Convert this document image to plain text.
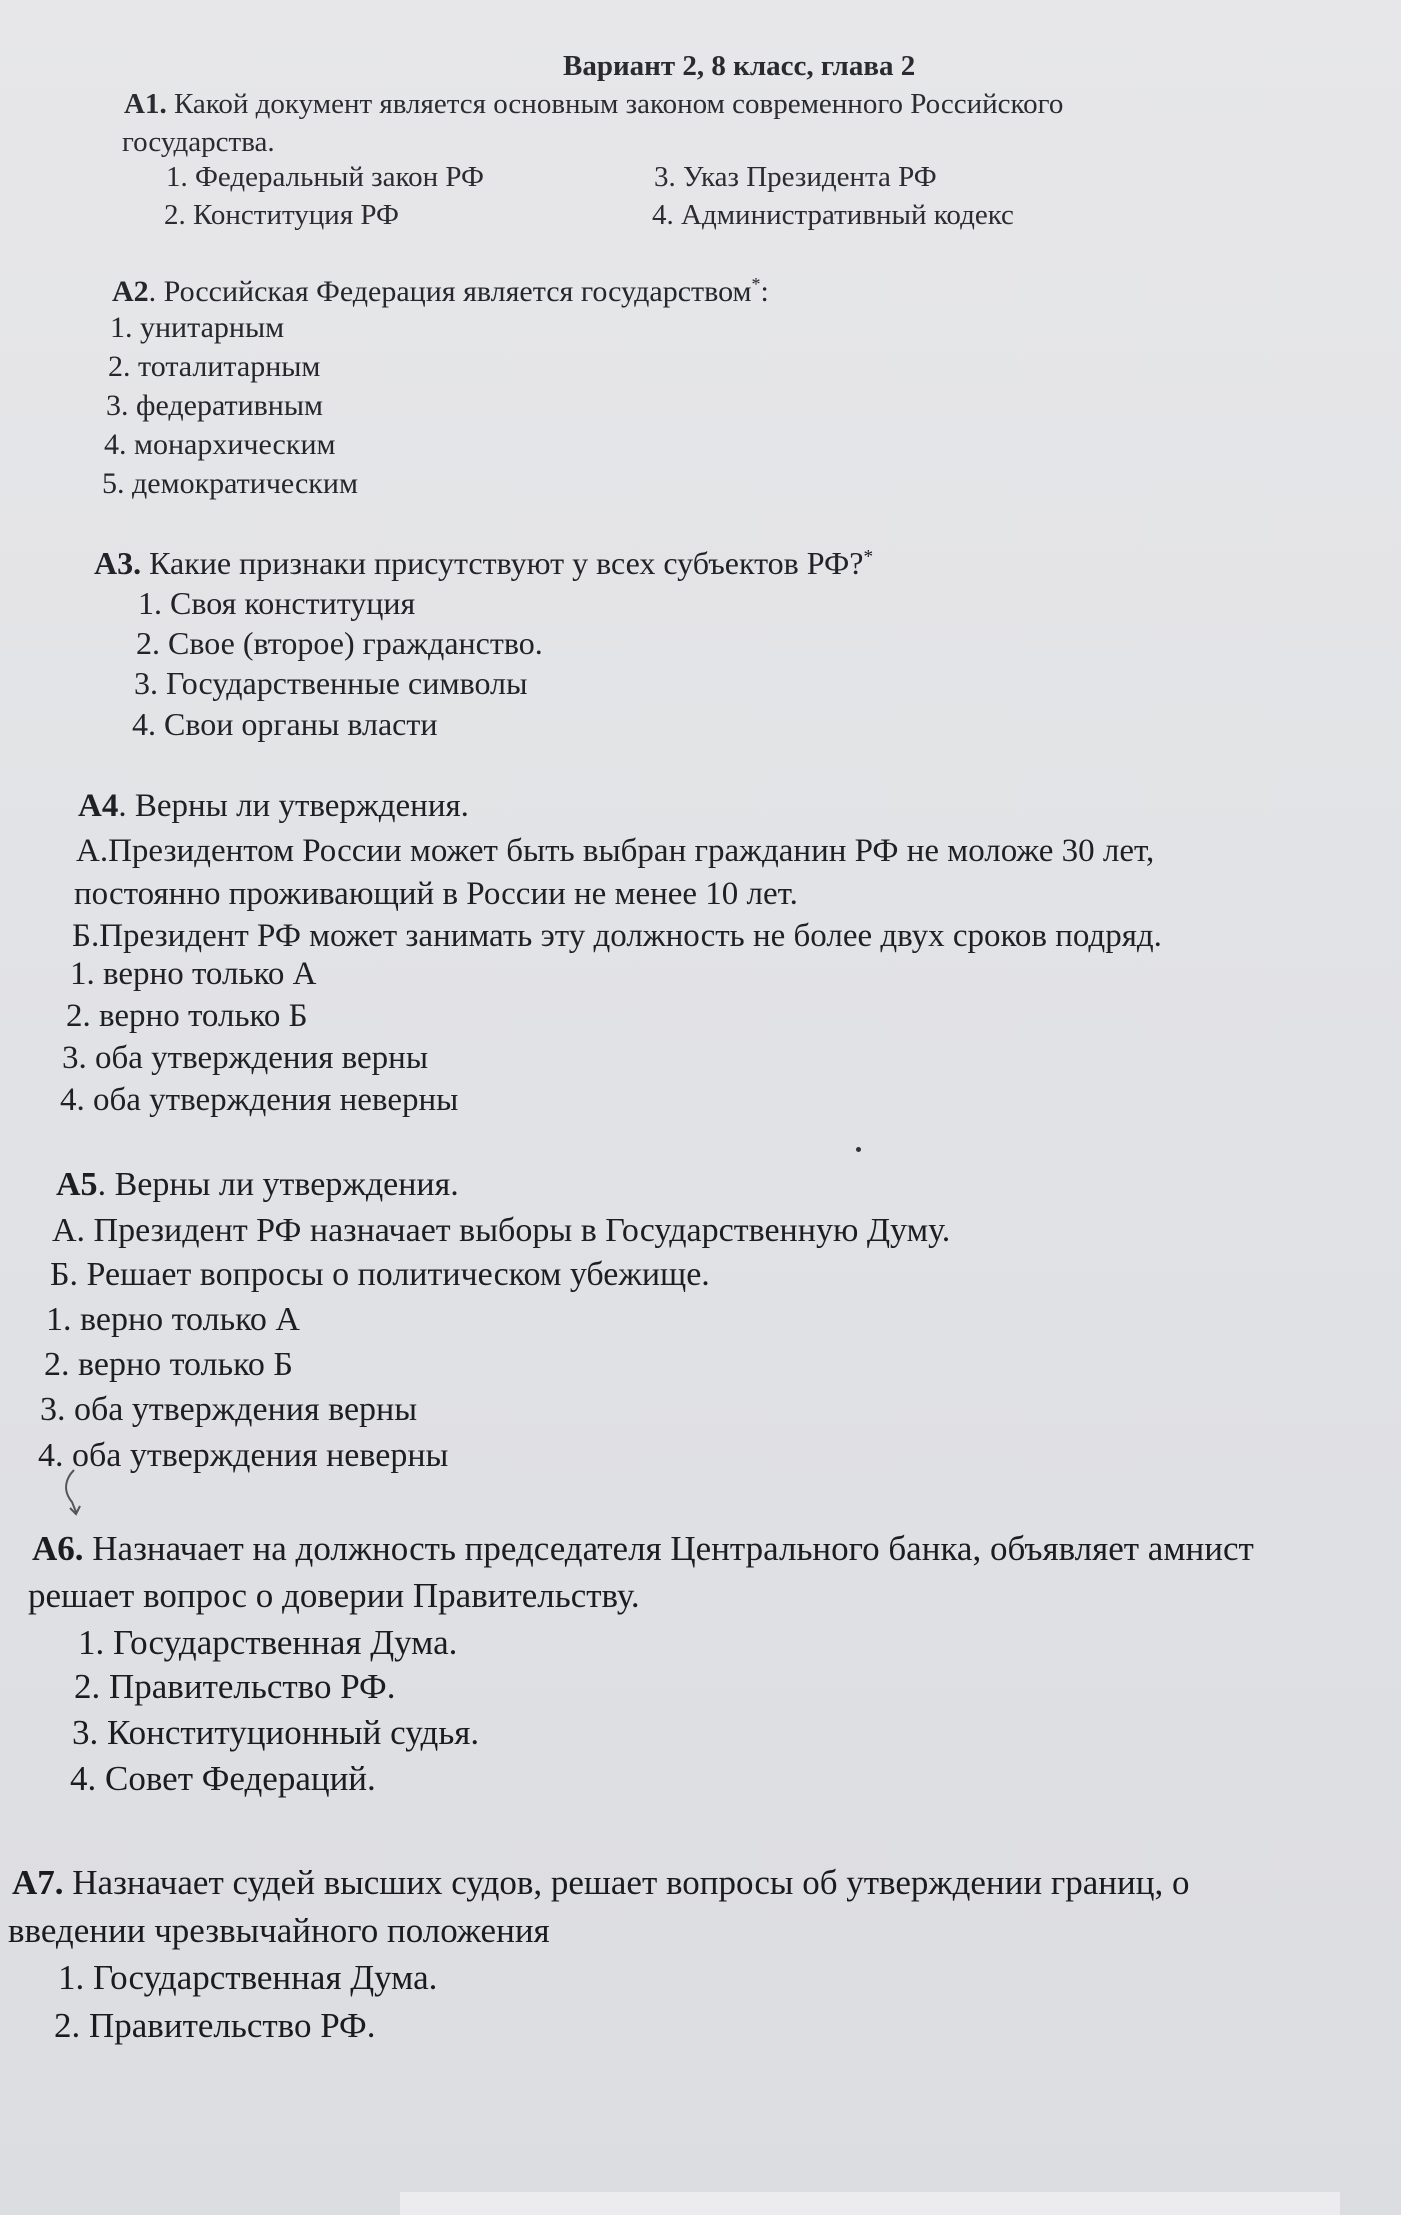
Вариант 2, 8 класс, глава 2
А1. Какой документ является основным законом современного Российского
государства.
1. Федеральный закон РФ	3. Указ Президента РФ
2. Конституция РФ	4. Административный кодекс
А2. Российская Федерация является государством*:
1. унитарным
2. тоталитарным
3. федеративным
4. монархическим
5. демократическим
А3. Какие признаки присутствуют у всех субъектов РФ?*
1. Своя конституция
2. Свое (второе) гражданство.
3. Государственные символы
4. Свои органы власти
А4. Верны ли утверждения.
А.Президентом России может быть выбран гражданин РФ не моложе 30 лет,
постоянно проживающий в России не менее 10 лет.
Б.Президент РФ может занимать эту должность не более двух сроков подряд.
1. верно только А
2. верно только Б
3. оба утверждения верны
4. оба утверждения неверны
А5. Верны ли утверждения.
А. Президент РФ назначает выборы в Государственную Думу.
Б. Решает вопросы о политическом убежище.
1. верно только А
2. верно только Б
3. оба утверждения верны
4. оба утверждения неверны
А6. Назначает на должность председателя Центрального банка, объявляет амнист
решает вопрос о доверии Правительству.
1. Государственная Дума.
2. Правительство РФ.
3. Конституционный судья.
4. Совет Федераций.
А7. Назначает судей высших судов, решает вопросы об утверждении границ, о
введении чрезвычайного положения
1. Государственная Дума.
2. Правительство РФ.
